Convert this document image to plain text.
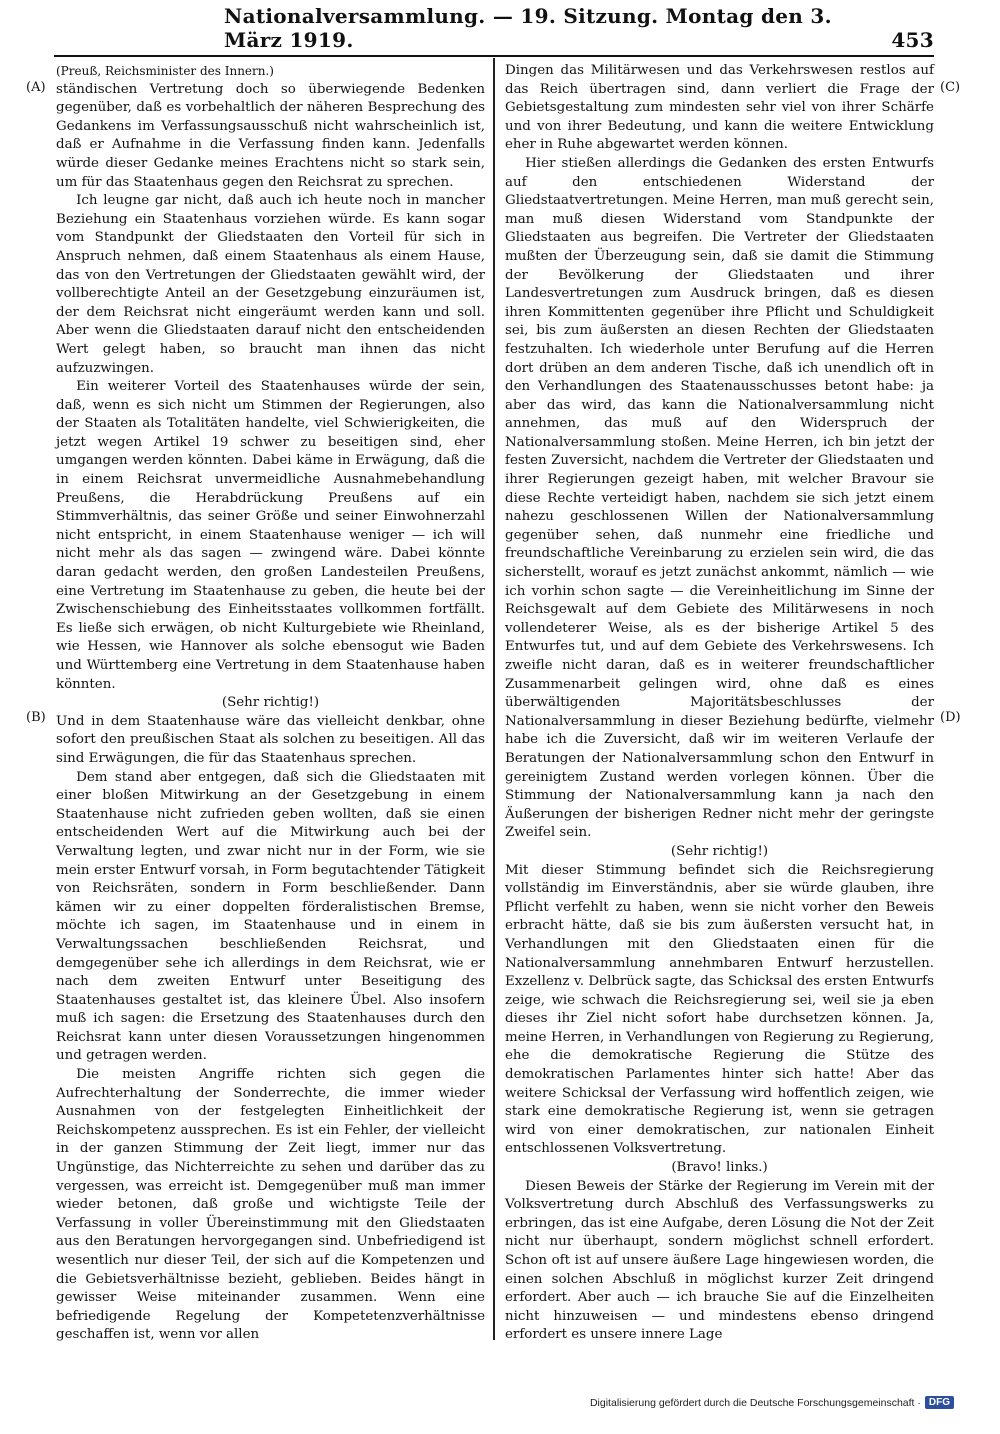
Nationalversammlung. — 19. Sitzung. Montag den 3. März 1919.	453
(A)
(B)
(C)
(D)

(Preuß, Reichsminister des Innern.)

ständischen Vertretung doch so überwiegende Bedenken gegenüber, daß es vorbehaltlich der näheren Besprechung des Gedankens im Verfassungsausschuß nicht wahrscheinlich ist, daß er Aufnahme in die Verfassung finden kann. Jedenfalls würde dieser Gedanke meines Erachtens nicht so stark sein, um für das Staatenhaus gegen den Reichsrat zu sprechen.

Ich leugne gar nicht, daß auch ich heute noch in mancher Beziehung ein Staatenhaus vorziehen würde. Es kann sogar vom Standpunkt der Gliedstaaten den Vorteil für sich in Anspruch nehmen, daß einem Staatenhaus als einem Hause, das von den Vertretungen der Gliedstaaten gewählt wird, der vollberechtigte Anteil an der Gesetzgebung einzuräumen ist, der dem Reichsrat nicht eingeräumt werden kann und soll. Aber wenn die Gliedstaaten darauf nicht den entscheidenden Wert gelegt haben, so braucht man ihnen das nicht aufzuzwingen.

Ein weiterer Vorteil des Staatenhauses würde der sein, daß, wenn es sich nicht um Stimmen der Regierungen, also der Staaten als Totalitäten handelte, viel Schwierigkeiten, die jetzt wegen Artikel 19 schwer zu beseitigen sind, eher umgangen werden könnten. Dabei käme in Erwägung, daß die in einem Reichsrat unvermeidliche Ausnahmebehandlung Preußens, die Herabdrückung Preußens auf ein Stimmverhältnis, das seiner Größe und seiner Einwohnerzahl nicht entspricht, in einem Staatenhause weniger — ich will nicht mehr als das sagen — zwingend wäre. Dabei könnte daran gedacht werden, den großen Landesteilen Preußens, eine Vertretung im Staatenhause zu geben, die heute bei der Zwischenschiebung des Einheitsstaates vollkommen fortfällt. Es ließe sich erwägen, ob nicht Kulturgebiete wie Rheinland, wie Hessen, wie Hannover als solche ebensogut wie Baden und Württemberg eine Vertretung in dem Staatenhause haben könnten.

(Sehr richtig!)

Und in dem Staatenhause wäre das vielleicht denkbar, ohne sofort den preußischen Staat als solchen zu beseitigen. All das sind Erwägungen, die für das Staatenhaus sprechen.

Dem stand aber entgegen, daß sich die Gliedstaaten mit einer bloßen Mitwirkung an der Gesetzgebung in einem Staatenhause nicht zufrieden geben wollten, daß sie einen entscheidenden Wert auf die Mitwirkung auch bei der Verwaltung legten, und zwar nicht nur in der Form, wie sie mein erster Entwurf vorsah, in Form begutachtender Tätigkeit von Reichsräten, sondern in Form beschließender. Dann kämen wir zu einer doppelten förderalistischen Bremse, möchte ich sagen, im Staatenhause und in einem in Verwaltungssachen beschließenden Reichsrat, und demgegenüber sehe ich allerdings in dem Reichsrat, wie er nach dem zweiten Entwurf unter Beseitigung des Staatenhauses gestaltet ist, das kleinere Übel. Also insofern muß ich sagen: die Ersetzung des Staatenhauses durch den Reichsrat kann unter diesen Voraussetzungen hingenommen und getragen werden.

Die meisten Angriffe richten sich gegen die Aufrechterhaltung der Sonderrechte, die immer wieder Ausnahmen von der festgelegten Einheitlichkeit der Reichskompetenz aussprechen. Es ist ein Fehler, der vielleicht in der ganzen Stimmung der Zeit liegt, immer nur das Ungünstige, das Nichterreichte zu sehen und darüber das zu vergessen, was erreicht ist. Demgegenüber muß man immer wieder betonen, daß große und wichtigste Teile der Verfassung in voller Übereinstimmung mit den Gliedstaaten aus den Beratungen hervorgegangen sind. Unbefriedigend ist wesentlich nur dieser Teil, der sich auf die Kompetenzen und die Gebietsverhältnisse bezieht, geblieben. Beides hängt in gewisser Weise miteinander zusammen. Wenn eine befriedigende Regelung der Kompetetenzverhältnisse geschaffen ist, wenn vor allen

Dingen das Militärwesen und das Verkehrswesen restlos auf das Reich übertragen sind, dann verliert die Frage der Gebietsgestaltung zum mindesten sehr viel von ihrer Schärfe und von ihrer Bedeutung, und kann die weitere Entwicklung eher in Ruhe abgewartet werden können.

Hier stießen allerdings die Gedanken des ersten Entwurfs auf den entschiedenen Widerstand der Gliedstaatvertretungen. Meine Herren, man muß gerecht sein, man muß diesen Widerstand vom Standpunkte der Gliedstaaten aus begreifen. Die Vertreter der Gliedstaaten mußten der Überzeugung sein, daß sie damit die Stimmung der Bevölkerung der Gliedstaaten und ihrer Landesvertretungen zum Ausdruck bringen, daß es diesen ihren Kommittenten gegenüber ihre Pflicht und Schuldigkeit sei, bis zum äußersten an diesen Rechten der Gliedstaaten festzuhalten. Ich wiederhole unter Berufung auf die Herren dort drüben an dem anderen Tische, daß ich unendlich oft in den Verhandlungen des Staatenausschusses betont habe: ja aber das wird, das kann die Nationalversammlung nicht annehmen, das muß auf den Widerspruch der Nationalversammlung stoßen. Meine Herren, ich bin jetzt der festen Zuversicht, nachdem die Vertreter der Gliedstaaten und ihrer Regierungen gezeigt haben, mit welcher Bravour sie diese Rechte verteidigt haben, nachdem sie sich jetzt einem nahezu geschlossenen Willen der Nationalversammlung gegenüber sehen, daß nunmehr eine friedliche und freundschaftliche Vereinbarung zu erzielen sein wird, die das sicherstellt, worauf es jetzt zunächst ankommt, nämlich — wie ich vorhin schon sagte — die Vereinheitlichung im Sinne der Reichsgewalt auf dem Gebiete des Militärwesens in noch vollendeterer Weise, als es der bisherige Artikel 5 des Entwurfes tut, und auf dem Gebiete des Verkehrswesens. Ich zweifle nicht daran, daß es in weiterer freundschaftlicher Zusammenarbeit gelingen wird, ohne daß es eines überwältigenden Majoritätsbeschlusses der Nationalversammlung in dieser Beziehung bedürfte, vielmehr habe ich die Zuversicht, daß wir im weiteren Verlaufe der Beratungen der Nationalversammlung schon den Entwurf in gereinigtem Zustand werden vorlegen können. Über die Stimmung der Nationalversammlung kann ja nach den Äußerungen der bisherigen Redner nicht mehr der geringste Zweifel sein.

(Sehr richtig!)

Mit dieser Stimmung befindet sich die Reichsregierung vollständig im Einverständnis, aber sie würde glauben, ihre Pflicht verfehlt zu haben, wenn sie nicht vorher den Beweis erbracht hätte, daß sie bis zum äußersten versucht hat, in Verhandlungen mit den Gliedstaaten einen für die Nationalversammlung annehmbaren Entwurf herzustellen. Exzellenz v. Delbrück sagte, das Schicksal des ersten Entwurfs zeige, wie schwach die Reichsregierung sei, weil sie ja eben dieses ihr Ziel nicht sofort habe durchsetzen können. Ja, meine Herren, in Verhandlungen von Regierung zu Regierung, ehe die demokratische Regierung die Stütze des demokratischen Parlamentes hinter sich hatte! Aber das weitere Schicksal der Verfassung wird hoffentlich zeigen, wie stark eine demokratische Regierung ist, wenn sie getragen wird von einer demokratischen, zur nationalen Einheit entschlossenen Volksvertretung.

(Bravo! links.)

Diesen Beweis der Stärke der Regierung im Verein mit der Volksvertretung durch Abschluß des Verfassungswerks zu erbringen, das ist eine Aufgabe, deren Lösung die Not der Zeit nicht nur überhaupt, sondern möglichst schnell erfordert. Schon oft ist auf unsere äußere Lage hingewiesen worden, die einen solchen Abschluß in möglichst kurzer Zeit dringend erfordert. Aber auch — ich brauche Sie auf die Einzelheiten nicht hinzuweisen — und mindestens ebenso dringend erfordert es unsere innere Lage

Digitalisierung gefördert durch die Deutsche Forschungsgemeinschaft · DFG
